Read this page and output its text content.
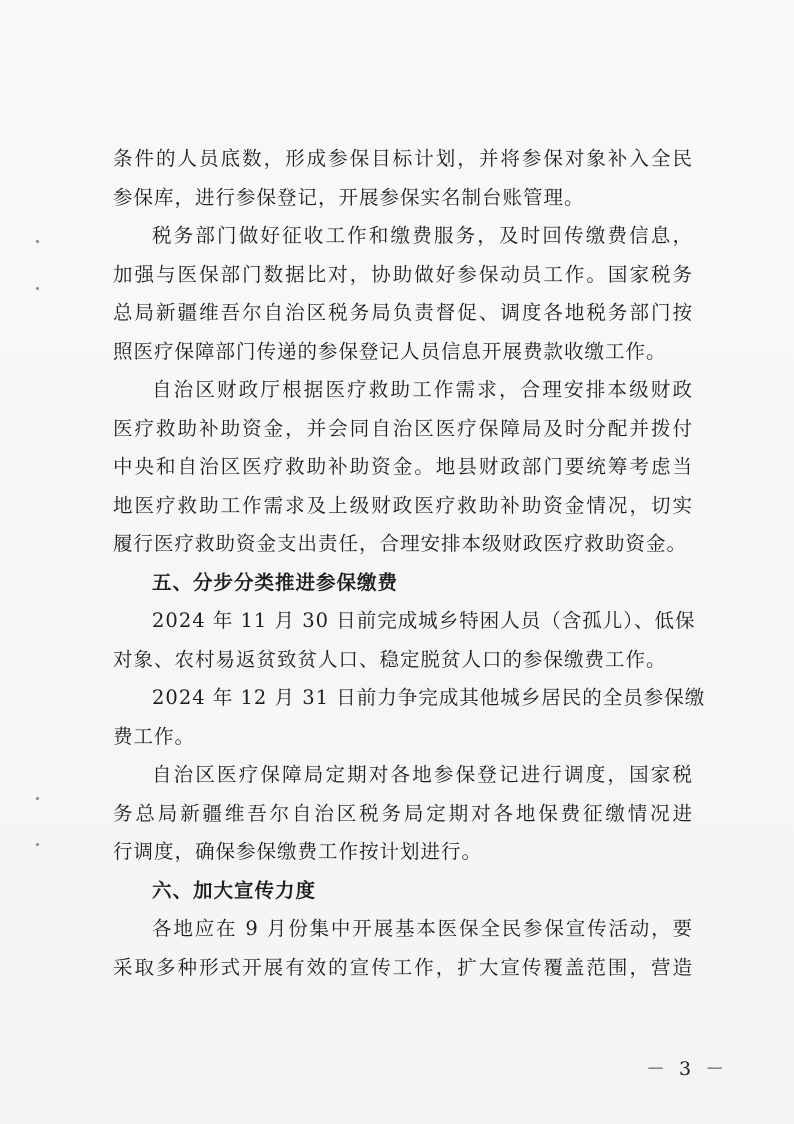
条件的人员底数，形成参保目标计划，并将参保对象补入全民
参保库，进行参保登记，开展参保实名制台账管理。
税务部门做好征收工作和缴费服务，及时回传缴费信息，
加强与医保部门数据比对，协助做好参保动员工作。国家税务
总局新疆维吾尔自治区税务局负责督促、调度各地税务部门按
照医疗保障部门传递的参保登记人员信息开展费款收缴工作。
自治区财政厅根据医疗救助工作需求，合理安排本级财政
医疗救助补助资金，并会同自治区医疗保障局及时分配并拨付
中央和自治区医疗救助补助资金。地县财政部门要统筹考虑当
地医疗救助工作需求及上级财政医疗救助补助资金情况，切实
履行医疗救助资金支出责任，合理安排本级财政医疗救助资金。
五、分步分类推进参保缴费
2024 年 11 月 30 日前完成城乡特困人员（含孤儿）、低保
对象、农村易返贫致贫人口、稳定脱贫人口的参保缴费工作。
2024 年 12 月 31 日前力争完成其他城乡居民的全员参保缴
费工作。
自治区医疗保障局定期对各地参保登记进行调度，国家税
务总局新疆维吾尔自治区税务局定期对各地保费征缴情况进
行调度，确保参保缴费工作按计划进行。
六、加大宣传力度
各地应在 9 月份集中开展基本医保全民参保宣传活动，要
采取多种形式开展有效的宣传工作，扩大宣传覆盖范围，营造
－ 3 －
